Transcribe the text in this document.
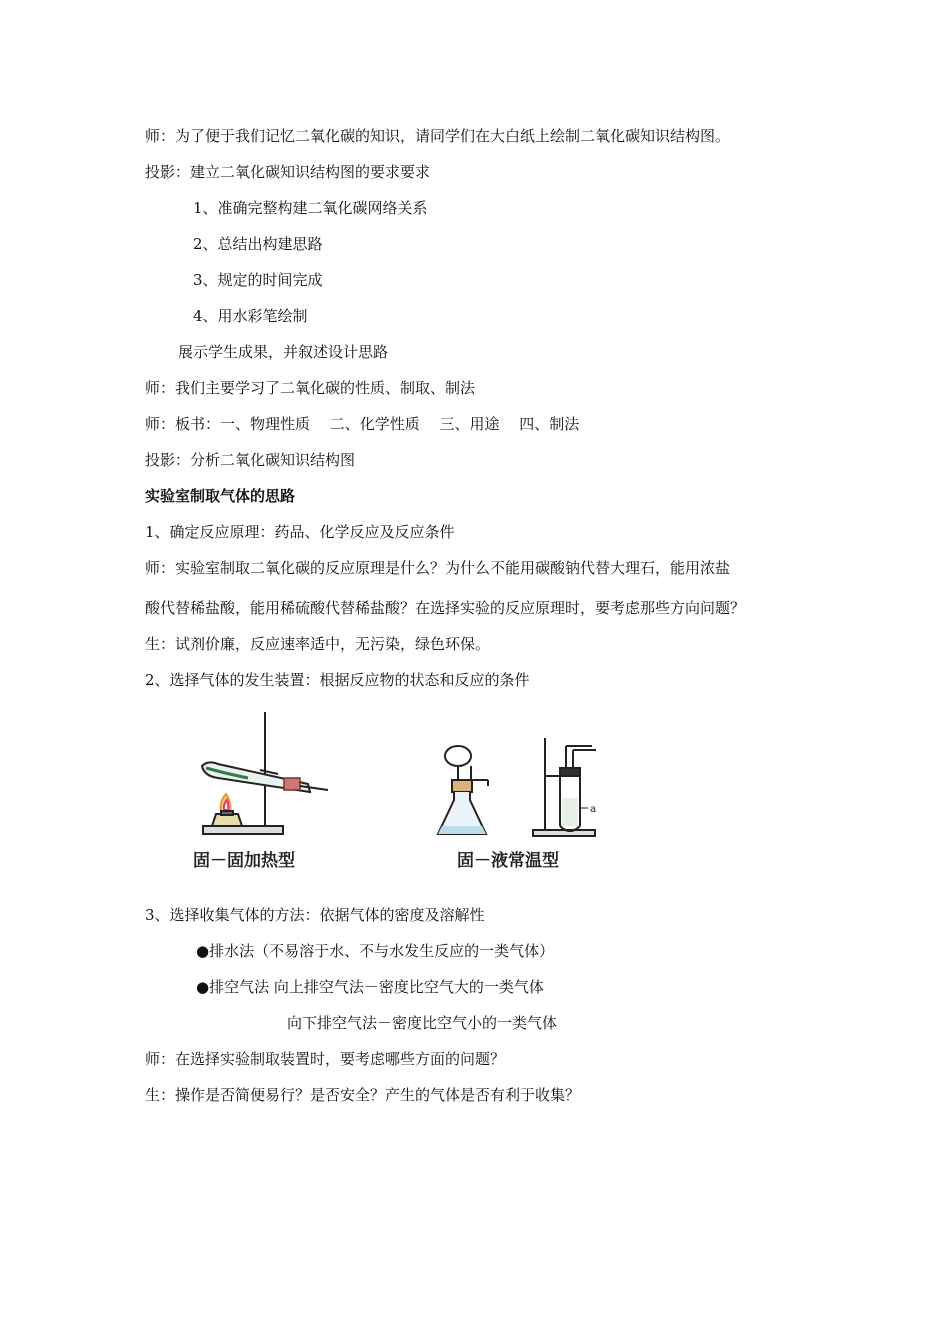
师：为了便于我们记忆二氧化碳的知识，请同学们在大白纸上绘制二氧化碳知识结构图。
投影：建立二氧化碳知识结构图的要求要求
1、准确完整构建二氧化碳网络关系
2、总结出构建思路
3、规定的时间完成
4、用水彩笔绘制
展示学生成果，并叙述设计思路
师：我们主要学习了二氧化碳的性质、制取、制法
师：板书：一、物理性质　 二、化学性质　 三、用途　 四、制法
投影：分析二氧化碳知识结构图
实验室制取气体的思路
1、确定反应原理：药品、化学反应及反应条件
师：实验室制取二氧化碳的反应原理是什么？为什么不能用碳酸钠代替大理石，能用浓盐
酸代替稀盐酸，能用稀硫酸代替稀盐酸？在选择实验的反应原理时，要考虑那些方向问题？
生：试剂价廉，反应速率适中，无污染，绿色环保。
2、选择气体的发生装置：根据反应物的状态和反应的条件
a
固－固加热型	固－液常温型
3、选择收集气体的方法：依据气体的密度及溶解性
●排水法（不易溶于水、不与水发生反应的一类气体）
●排空气法 向上排空气法－密度比空气大的一类气体
向下排空气法－密度比空气小的一类气体
师：在选择实验制取装置时，要考虑哪些方面的问题？
生：操作是否简便易行？是否安全？产生的气体是否有利于收集？
